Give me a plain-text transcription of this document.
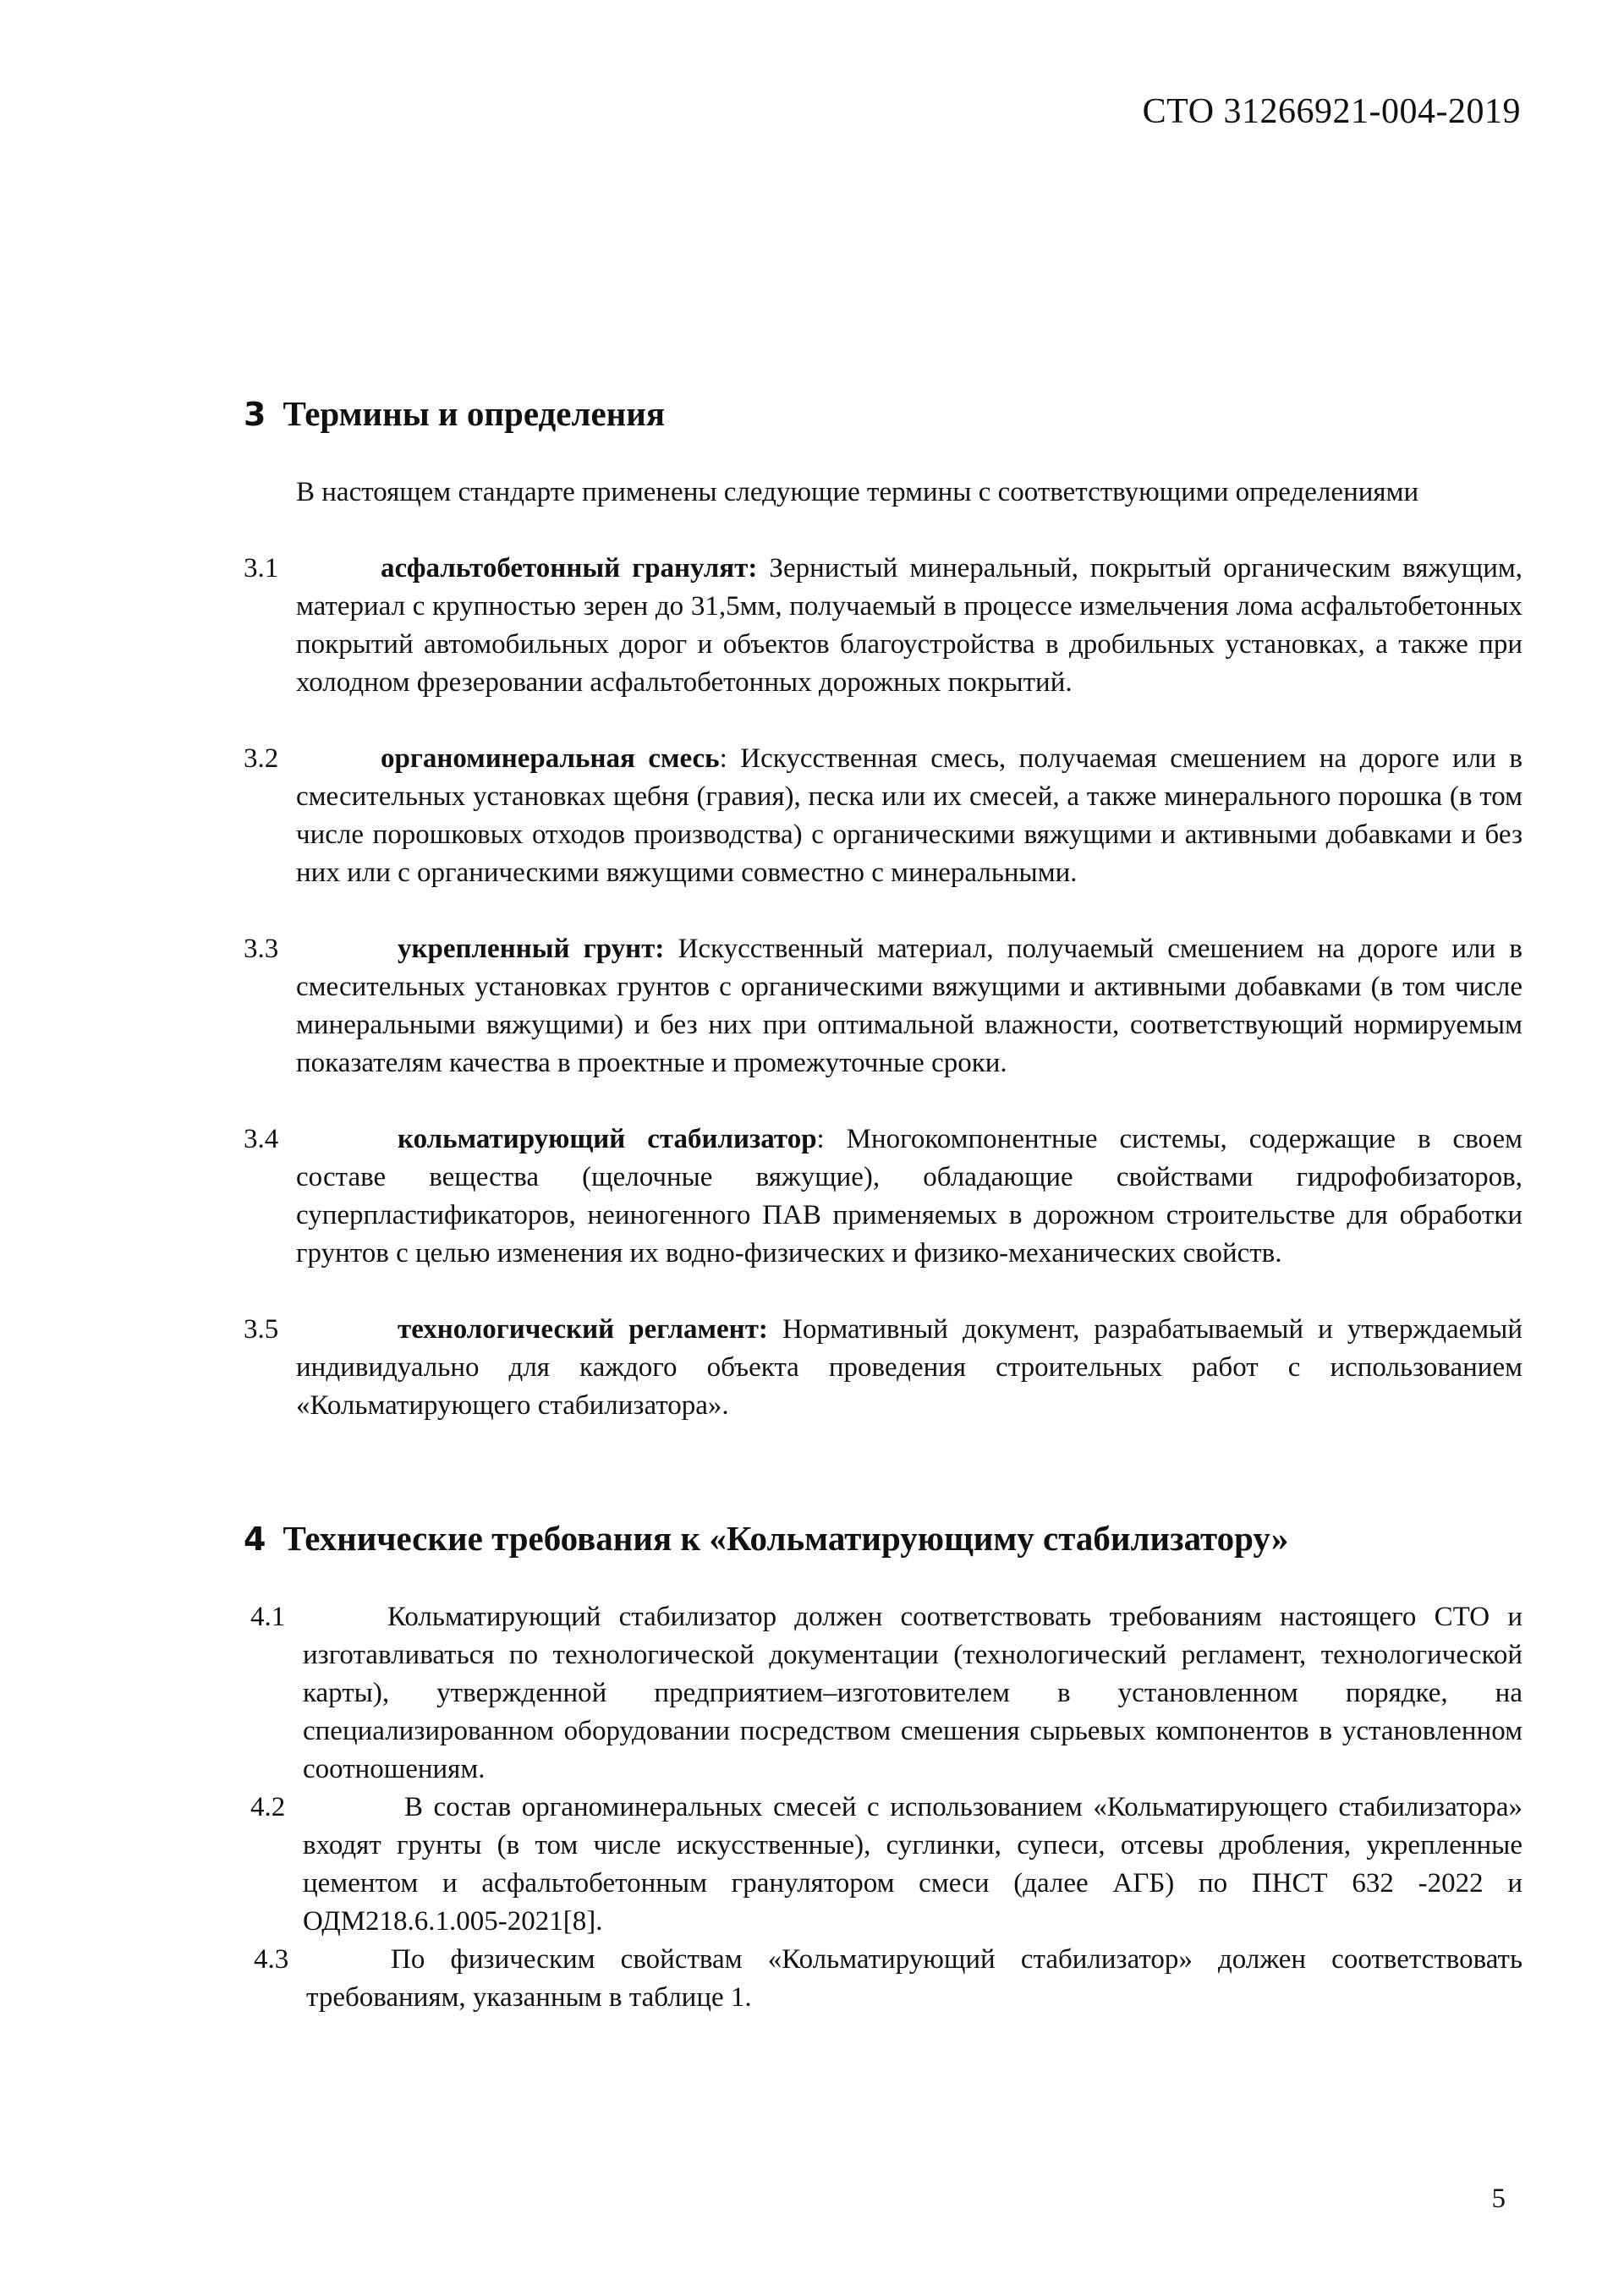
СТО 31266921-004-2019
3 Термины и определения
В настоящем стандарте применены следующие термины с соответствующими определениями
3.1	асфальтобетонный гранулят: Зернистый минеральный, покрытый органическим вяжущим, материал с крупностью зерен до 31,5мм, получаемый в процессе измельчения лома асфальтобетонных покрытий автомобильных дорог и объектов благоустройства в дробильных установках, а также при холодном фрезеровании асфальтобетонных дорожных покрытий.
3.2	органоминеральная смесь: Искусственная смесь, получаемая смешением на дороге или в смесительных установках щебня (гравия), песка или их смесей, а также минерального порошка (в том числе порошковых отходов производства) с органическими вяжущими и активными добавками и без них или с органическими вяжущими совместно с минеральными.
3.3	укрепленный грунт: Искусственный материал, получаемый смешением на дороге или в смесительных установках грунтов с органическими вяжущими и активными добавками (в том числе минеральными вяжущими) и без них при оптимальной влажности, соответствующий нормируемым показателям качества в проектные и промежуточные сроки.
3.4	кольматирующий стабилизатор: Многокомпонентные системы, содержащие в своем составе вещества (щелочные вяжущие), обладающие свойствами гидрофобизаторов, суперпластификаторов, неиногенного ПАВ применяемых в дорожном строительстве для обработки грунтов с целью изменения их водно-физических и физико-механических свойств.
3.5	технологический регламент: Нормативный документ, разрабатываемый и утверждаемый индивидуально для каждого объекта проведения строительных работ с использованием «Кольматирующего стабилизатора».
4 Технические требования к «Кольматирующиму стабилизатору»
4.1	Кольматирующий стабилизатор должен соответствовать требованиям настоящего СТО и изготавливаться по технологической документации (технологический регламент, технологической карты), утвержденной предприятием–изготовителем в установленном порядке, на специализированном оборудовании посредством смешения сырьевых компонентов в установленном соотношениям.
4.2	В состав органоминеральных смесей с использованием «Кольматирующего стабилизатора» входят грунты (в том числе искусственные), суглинки, супеси, отсевы дробления, укрепленные цементом и асфальтобетонным гранулятором смеси (далее АГБ) по ПНСТ 632 -2022 и ОДМ218.6.1.005-2021[8].
4.3	По физическим свойствам «Кольматирующий стабилизатор» должен соответствовать требованиям, указанным в таблице 1.
5
